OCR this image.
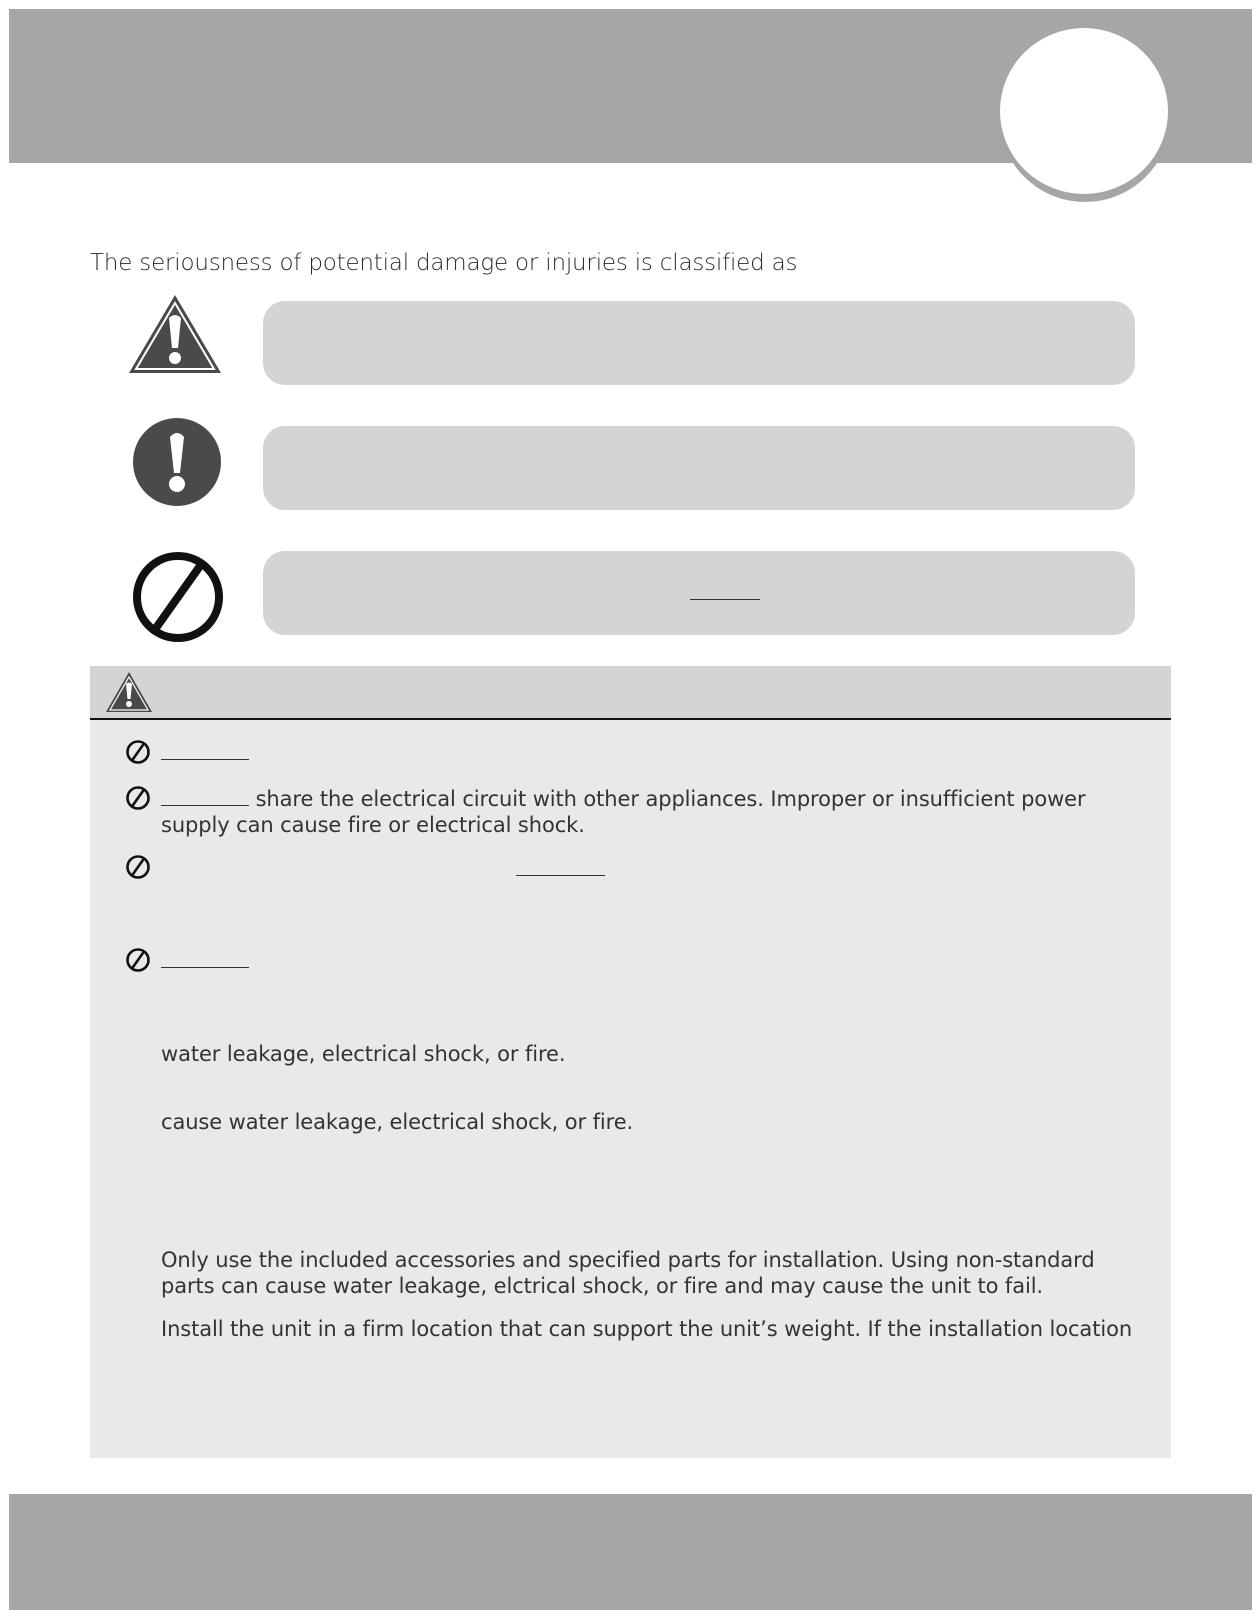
The seriousness of potential damage or injuries is classified as

share the electrical circuit with other appliances. Improper or insufficient power supply can cause fire or electrical shock.

water leakage, electrical shock, or fire.

cause water leakage, electrical shock, or fire.

Only use the included accessories and specified parts for installation. Using non-standard parts can cause water leakage, elctrical shock, or fire and may cause the unit to fail.

Install the unit in a firm location that can support the unit’s weight. If the installation location
